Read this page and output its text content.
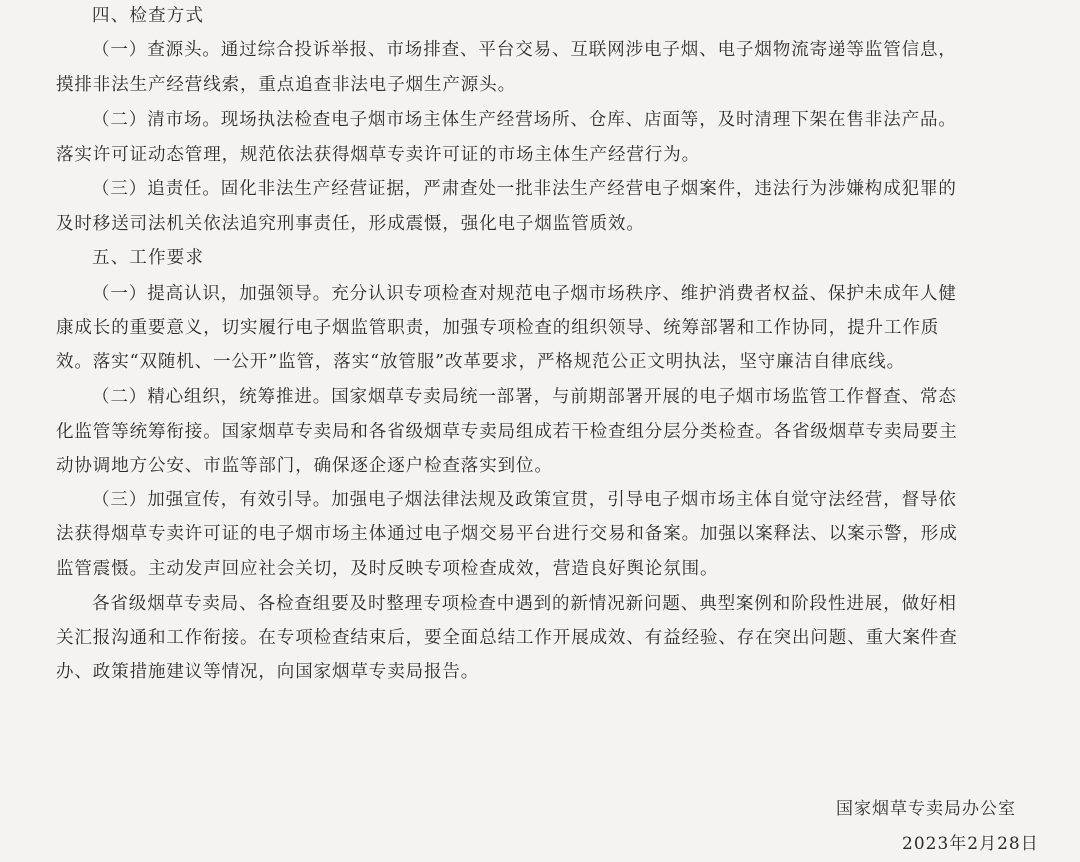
四、检查方式
（一）查源头。通过综合投诉举报、市场排查、平台交易、互联网涉电子烟、电子烟物流寄递等监管信息，
摸排非法生产经营线索，重点追查非法电子烟生产源头。
（二）清市场。现场执法检查电子烟市场主体生产经营场所、仓库、店面等，及时清理下架在售非法产品。
落实许可证动态管理，规范依法获得烟草专卖许可证的市场主体生产经营行为。
（三）追责任。固化非法生产经营证据，严肃查处一批非法生产经营电子烟案件，违法行为涉嫌构成犯罪的
及时移送司法机关依法追究刑事责任，形成震慑，强化电子烟监管质效。
五、工作要求
（一）提高认识，加强领导。充分认识专项检查对规范电子烟市场秩序、维护消费者权益、保护未成年人健
康成长的重要意义，切实履行电子烟监管职责，加强专项检查的组织领导、统筹部署和工作协同，提升工作质
效。落实“双随机、一公开”监管，落实“放管服”改革要求，严格规范公正文明执法，坚守廉洁自律底线。
（二）精心组织，统筹推进。国家烟草专卖局统一部署，与前期部署开展的电子烟市场监管工作督查、常态
化监管等统筹衔接。国家烟草专卖局和各省级烟草专卖局组成若干检查组分层分类检查。各省级烟草专卖局要主
动协调地方公安、市监等部门，确保逐企逐户检查落实到位。
（三）加强宣传，有效引导。加强电子烟法律法规及政策宣贯，引导电子烟市场主体自觉守法经营，督导依
法获得烟草专卖许可证的电子烟市场主体通过电子烟交易平台进行交易和备案。加强以案释法、以案示警，形成
监管震慑。主动发声回应社会关切，及时反映专项检查成效，营造良好舆论氛围。
各省级烟草专卖局、各检查组要及时整理专项检查中遇到的新情况新问题、典型案例和阶段性进展，做好相
关汇报沟通和工作衔接。在专项检查结束后，要全面总结工作开展成效、有益经验、存在突出问题、重大案件查
办、政策措施建议等情况，向国家烟草专卖局报告。
国家烟草专卖局办公室
2023年2月28日
